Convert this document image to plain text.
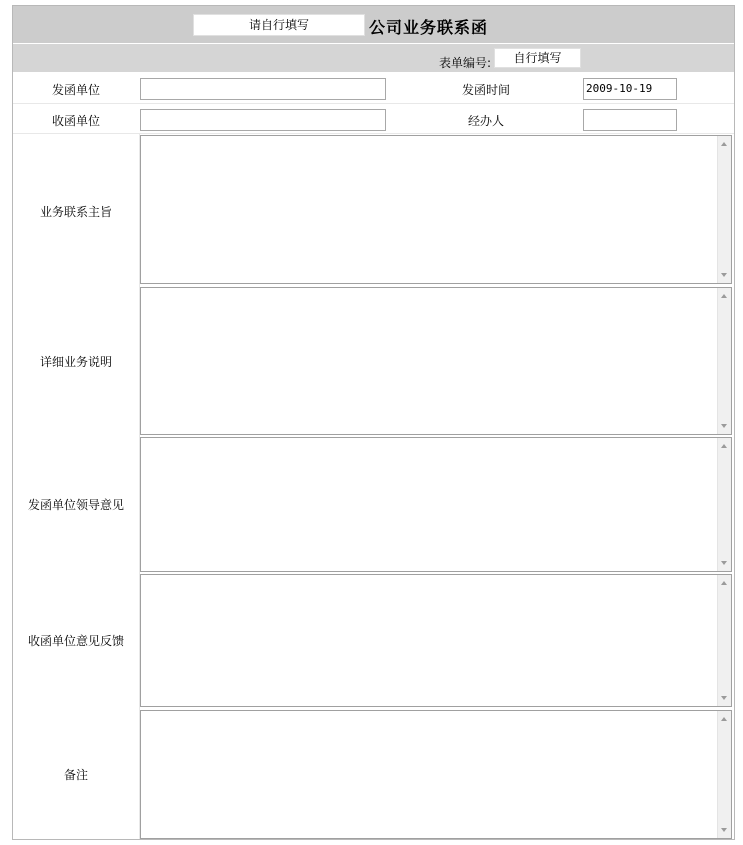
请自行填写	公司业务联系函
表单编号:	自行填写
发函单位	发函时间	2009-10-19
收函单位	经办人
业务联系主旨
详细业务说明
发函单位领导意见
收函单位意见反馈
备注
